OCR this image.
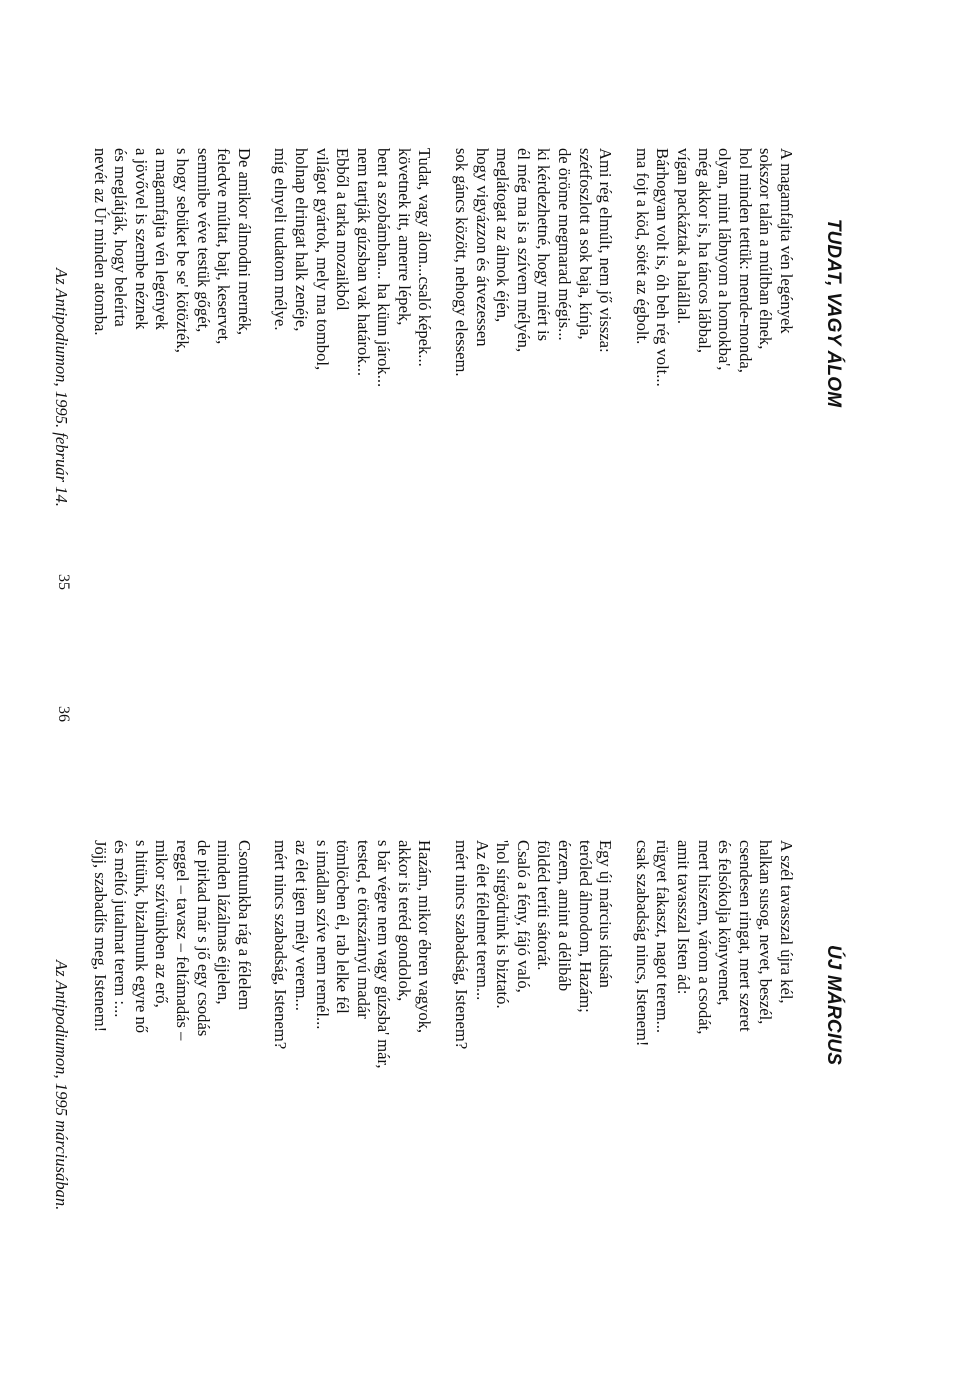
TUDAT, VAGY ÁLOM
A magamfajta vén legények
sokszor talán a múltban élnek,
hol minden tettük: mende-monda,
olyan, mint lábnyom a homokba',
még akkor is, ha táncos lábbal,
vígan packáztak a halállal.
Bárhogyan volt is, óh beh rég volt...
ma fojt a köd, sötét az égbolt.
Ami rég elmúlt, nem jő vissza:
szétfoszlott a sok baja, kínja,
de öröme megmarad mégis...
ki kérdezhetné, hogy miért is
él még ma is a szívem mélyén,
meglátogat az álmok éjén,
hogy vigyázzon és átvezessen
sok gáncs között, nehogy elessem.
Tudat, vagy álom...csaló képek...
követnek itt, amerre lépek,
bent a szobámban... ha künn járok...
nem tartják gúzsban vak határok...
Ebből a tarka mozaikból
világot gyártok, mely ma tombol,
holnap elringat halk zenéje,
míg elnyeli tudatom mélye.
De amikor álmodni mernék,
feledve múltat, bajt, keservet,
semmibe véve testük gőgét,
s hogy sebüket be se' kötözték,
a magamfajta vén legények
a jövővel is szembe néznek
és meglátják, hogy beleírta
nevét az Úr minden atomba.
Az Antipodiumon, 1995. február 14.
35
ÚJ MÁRCIUS
A szél tavasszal újra kél,
halkan susog, nevet, beszél,
csendesen ringat, mert szeret
és felsókolja könyvemet,
mert hiszem, várom a csodát,
amit tavasszal Isten ád:
rügyet fakaszt, nagot terem...
csak szabadság nincs, Istenem!
Egy új március idusán
teróled álmodom, Hazám;
érzem, amint a délibáb
földéd teríti sátorát.
Csaló a fény, fájó való,
'hol sírgödrünk is biztató.
Az élet félelmet terem...
mért nincs szabadság, Istenem?
Hazám, mikor ébren vagyok,
akkor is teréd gondolok,
s bár végre nem vagy gúzsba' már,
tested, e törtszárnyú madár
tömlöcben él, rab lelke fél
s imádlan szíve nem remél...
az élet igen mély verem...
mért nincs szabadság, Istenem?
Csontunkba rág a félelem
minden lázálmas éjjelen,
de pirkad már s jő egy csodás
reggel – tavasz – feltámadás –
mikor szívünkben az erő,
s hitünk, bizalmunk egyre nő
és méltó jutalmat terem :...
Jöjj, szabadíts meg, Istenem!
Az Antipodiumon, 1995 márciusában.
36
